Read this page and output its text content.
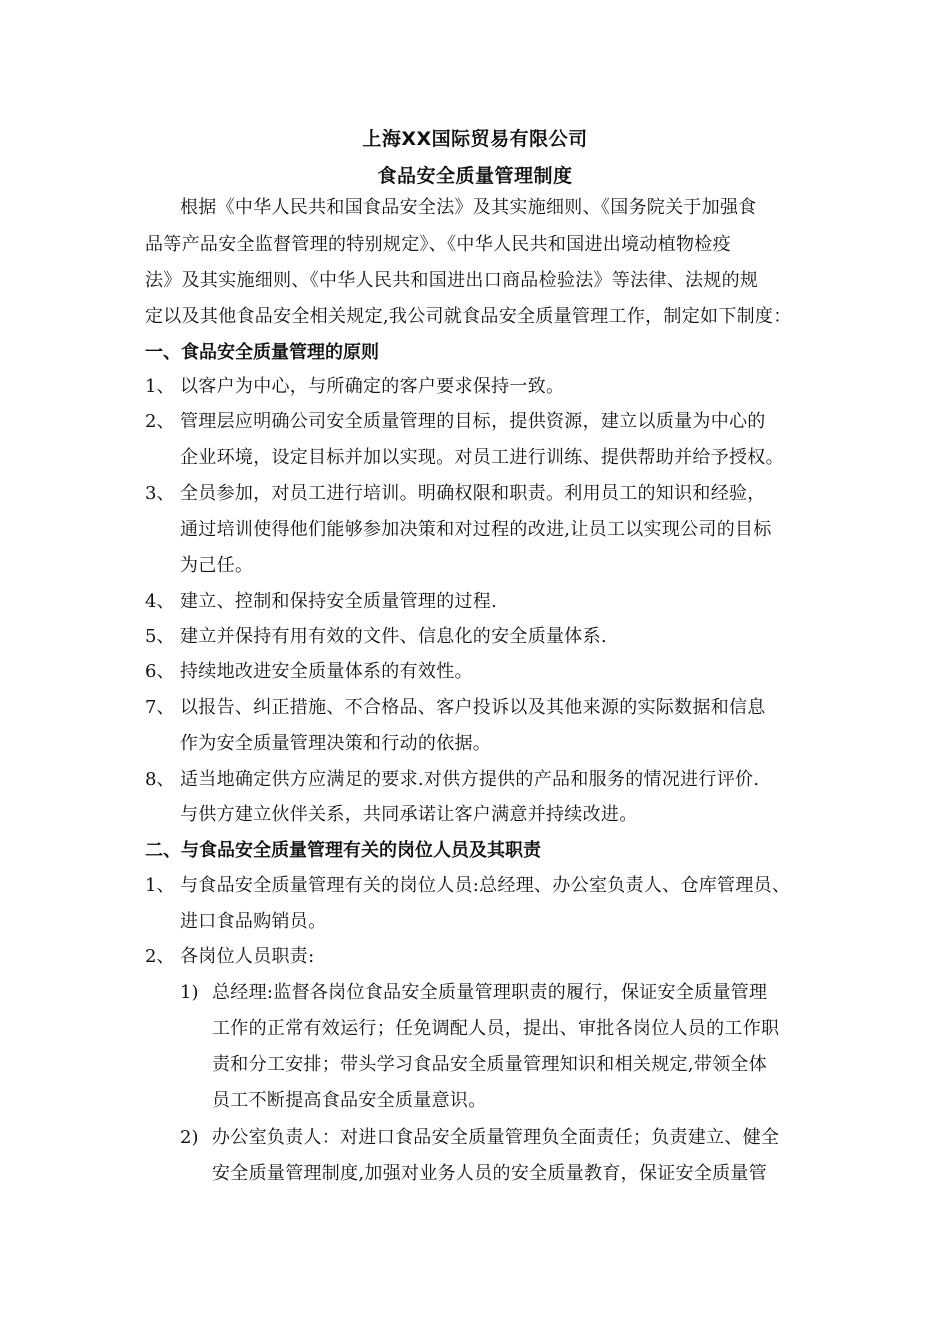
上海XX国际贸易有限公司
食品安全质量管理制度
根据《中华人民共和国食品安全法》及其实施细则、《国务院关于加强食
品等产品安全监督管理的特别规定》、《中华人民共和国进出境动植物检疫
法》及其实施细则、《中华人民共和国进出口商品检验法》等法律、法规的规
定以及其他食品安全相关规定,我公司就食品安全质量管理工作，制定如下制度：
一、食品安全质量管理的原则
1、 以客户为中心，与所确定的客户要求保持一致。
2、 管理层应明确公司安全质量管理的目标，提供资源，建立以质量为中心的
企业环境，设定目标并加以实现。对员工进行训练、提供帮助并给予授权。
3、 全员参加，对员工进行培训。明确权限和职责。利用员工的知识和经验，
通过培训使得他们能够参加决策和对过程的改进,让员工以实现公司的目标
为己任。
4、 建立、控制和保持安全质量管理的过程.
5、 建立并保持有用有效的文件、信息化的安全质量体系.
6、 持续地改进安全质量体系的有效性。
7、 以报告、纠正措施、不合格品、客户投诉以及其他来源的实际数据和信息
作为安全质量管理决策和行动的依据。
8、 适当地确定供方应满足的要求.对供方提供的产品和服务的情况进行评价.
与供方建立伙伴关系，共同承诺让客户满意并持续改进。
二、与食品安全质量管理有关的岗位人员及其职责
1、 与食品安全质量管理有关的岗位人员:总经理、办公室负责人、仓库管理员、
进口食品购销员。
2、 各岗位人员职责:
1) 总经理:监督各岗位食品安全质量管理职责的履行，保证安全质量管理
工作的正常有效运行；任免调配人员，提出、审批各岗位人员的工作职
责和分工安排；带头学习食品安全质量管理知识和相关规定,带领全体
员工不断提高食品安全质量意识。
2) 办公室负责人：对进口食品安全质量管理负全面责任；负责建立、健全
安全质量管理制度,加强对业务人员的安全质量教育，保证安全质量管
